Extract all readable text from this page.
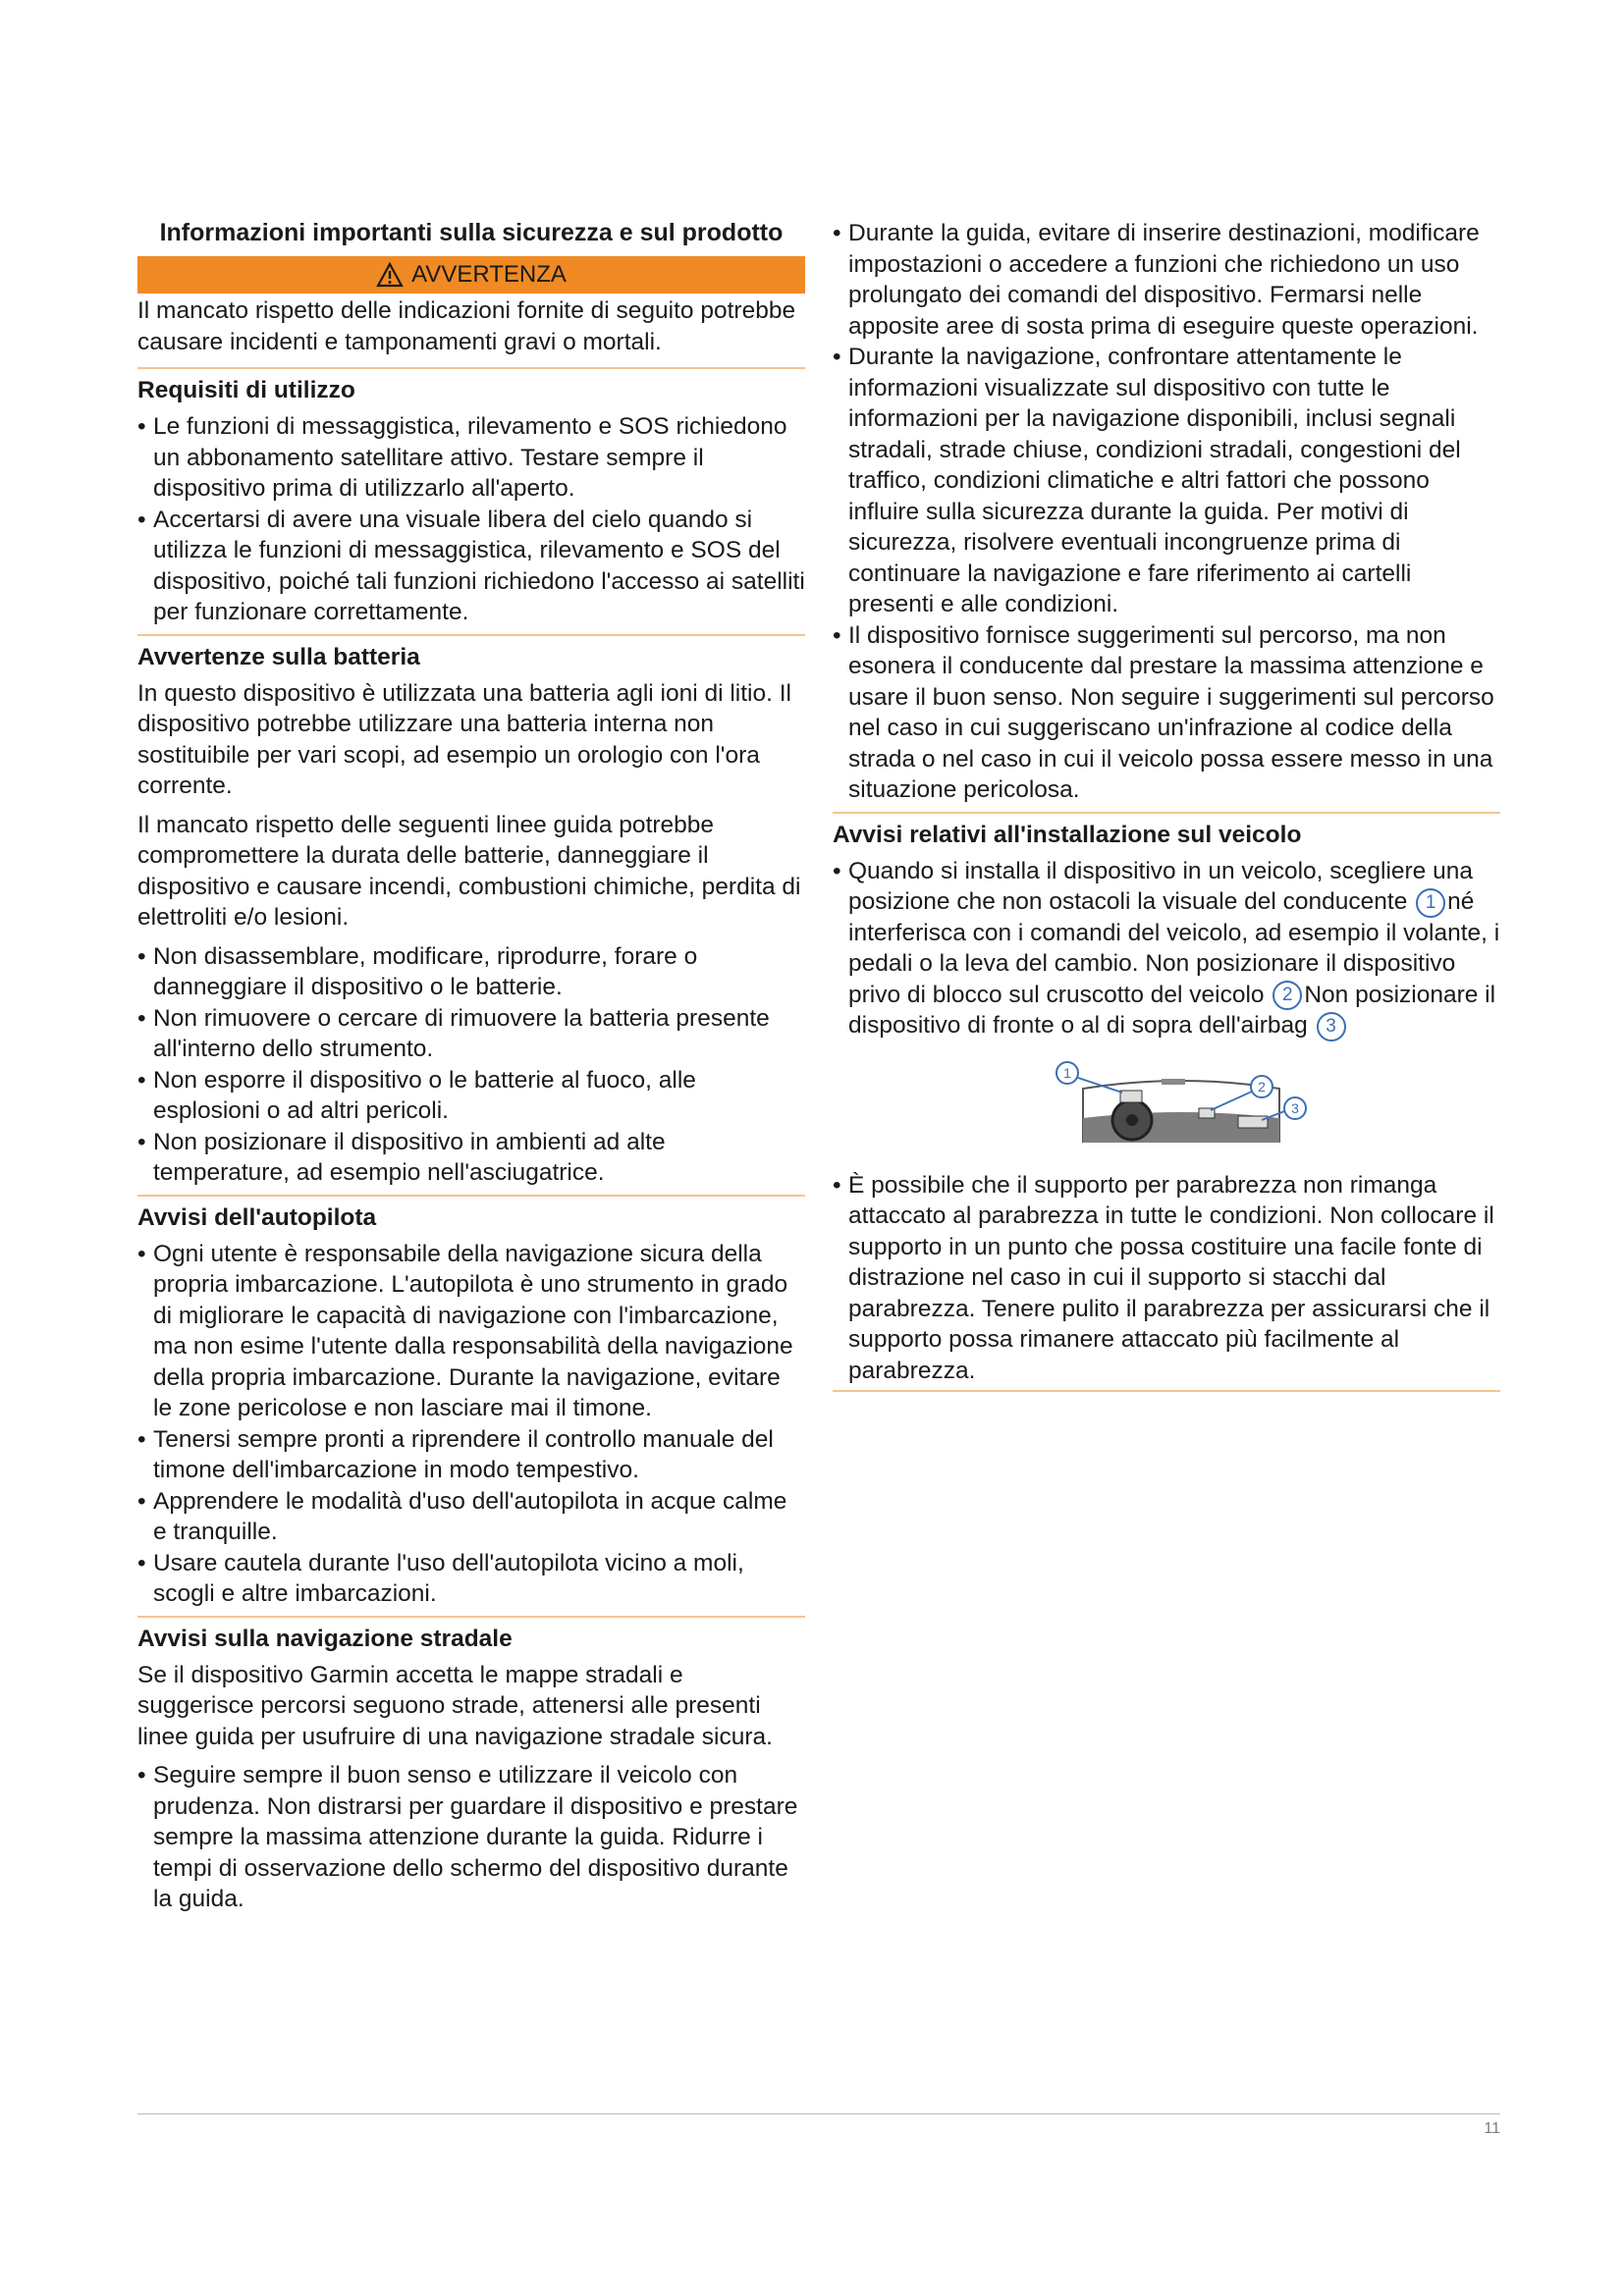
Informazioni importanti sulla sicurezza e sul prodotto
AVVERTENZA

Il mancato rispetto delle indicazioni fornite di seguito potrebbe causare incidenti e tamponamenti gravi o mortali.

Requisiti di utilizzo
• Le funzioni di messaggistica, rilevamento e SOS richiedono un abbonamento satellitare attivo. Testare sempre il dispositivo prima di utilizzarlo all'aperto.
• Accertarsi di avere una visuale libera del cielo quando si utilizza le funzioni di messaggistica, rilevamento e SOS del dispositivo, poiché tali funzioni richiedono l'accesso ai satelliti per funzionare correttamente.
Avvertenze sulla batteria

In questo dispositivo è utilizzata una batteria agli ioni di litio. Il dispositivo potrebbe utilizzare una batteria interna non sostituibile per vari scopi, ad esempio un orologio con l'ora corrente.

Il mancato rispetto delle seguenti linee guida potrebbe compromettere la durata delle batterie, danneggiare il dispositivo e causare incendi, combustioni chimiche, perdita di elettroliti e/o lesioni.

• Non disassemblare, modificare, riprodurre, forare o danneggiare il dispositivo o le batterie.
• Non rimuovere o cercare di rimuovere la batteria presente all'interno dello strumento.
• Non esporre il dispositivo o le batterie al fuoco, alle esplosioni o ad altri pericoli.
• Non posizionare il dispositivo in ambienti ad alte temperature, ad esempio nell'asciugatrice.
Avvisi dell'autopilota
• Ogni utente è responsabile della navigazione sicura della propria imbarcazione. L'autopilota è uno strumento in grado di migliorare le capacità di navigazione con l'imbarcazione, ma non esime l'utente dalla responsabilità della navigazione della propria imbarcazione. Durante la navigazione, evitare le zone pericolose e non lasciare mai il timone.
• Tenersi sempre pronti a riprendere il controllo manuale del timone dell'imbarcazione in modo tempestivo.
• Apprendere le modalità d'uso dell'autopilota in acque calme e tranquille.
• Usare cautela durante l'uso dell'autopilota vicino a moli, scogli e altre imbarcazioni.
Avvisi sulla navigazione stradale

Se il dispositivo Garmin accetta le mappe stradali e suggerisce percorsi seguono strade, attenersi alle presenti linee guida per usufruire di una navigazione stradale sicura.

• Seguire sempre il buon senso e utilizzare il veicolo con prudenza. Non distrarsi per guardare il dispositivo e prestare sempre la massima attenzione durante la guida. Ridurre i tempi di osservazione dello schermo del dispositivo durante la guida.
• Durante la guida, evitare di inserire destinazioni, modificare impostazioni o accedere a funzioni che richiedono un uso prolungato dei comandi del dispositivo. Fermarsi nelle apposite aree di sosta prima di eseguire queste operazioni.
• Durante la navigazione, confrontare attentamente le informazioni visualizzate sul dispositivo con tutte le informazioni per la navigazione disponibili, inclusi segnali stradali, strade chiuse, condizioni stradali, congestioni del traffico, condizioni climatiche e altri fattori che possono influire sulla sicurezza durante la guida. Per motivi di sicurezza, risolvere eventuali incongruenze prima di continuare la navigazione e fare riferimento ai cartelli presenti e alle condizioni.
• Il dispositivo fornisce suggerimenti sul percorso, ma non esonera il conducente dal prestare la massima attenzione e usare il buon senso. Non seguire i suggerimenti sul percorso nel caso in cui suggeriscano un'infrazione al codice della strada o nel caso in cui il veicolo possa essere messo in una situazione pericolosa.
Avvisi relativi all'installazione sul veicolo
• Quando si installa il dispositivo in un veicolo, scegliere una posizione che non ostacoli la visuale del conducente 1 né interferisca con i comandi del veicolo, ad esempio il volante, i pedali o la leva del cambio. Non posizionare il dispositivo privo di blocco sul cruscotto del veicolo 2 Non posizionare il dispositivo di fronte o al di sopra dell'airbag 3
1
2
3
• È possibile che il supporto per parabrezza non rimanga attaccato al parabrezza in tutte le condizioni. Non collocare il supporto in un punto che possa costituire una facile fonte di distrazione nel caso in cui il supporto si stacchi dal parabrezza. Tenere pulito il parabrezza per assicurarsi che il supporto possa rimanere attaccato più facilmente al parabrezza.
11
